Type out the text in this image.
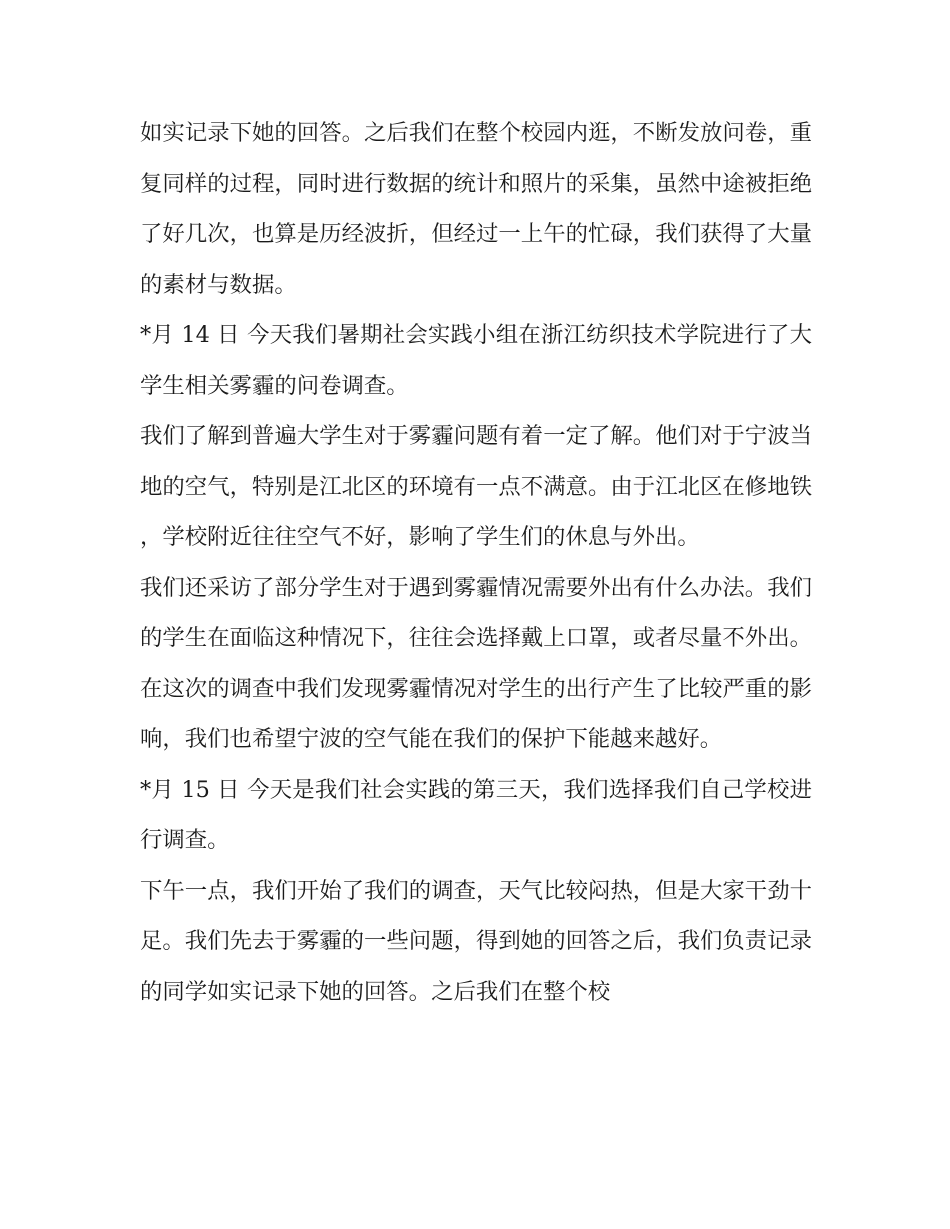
如实记录下她的回答。之后我们在整个校园内逛，不断发放问卷，重复同样的过程，同时进行数据的统计和照片的采集，虽然中途被拒绝了好几次，也算是历经波折，但经过一上午的忙碌，我们获得了大量的素材与数据。

*月 14 日 今天我们暑期社会实践小组在浙江纺织技术学院进行了大学生相关雾霾的问卷调查。

我们了解到普遍大学生对于雾霾问题有着一定了解。他们对于宁波当地的空气，特别是江北区的环境有一点不满意。由于江北区在修地铁，学校附近往往空气不好，影响了学生们的休息与外出。

我们还采访了部分学生对于遇到雾霾情况需要外出有什么办法。我们的学生在面临这种情况下，往往会选择戴上口罩，或者尽量不外出。在这次的调查中我们发现雾霾情况对学生的出行产生了比较严重的影响，我们也希望宁波的空气能在我们的保护下能越来越好。

*月 15 日 今天是我们社会实践的第三天，我们选择我们自己学校进行调查。

下午一点，我们开始了我们的调查，天气比较闷热，但是大家干劲十足。我们先去于雾霾的一些问题，得到她的回答之后，我们负责记录的同学如实记录下她的回答。之后我们在整个校
